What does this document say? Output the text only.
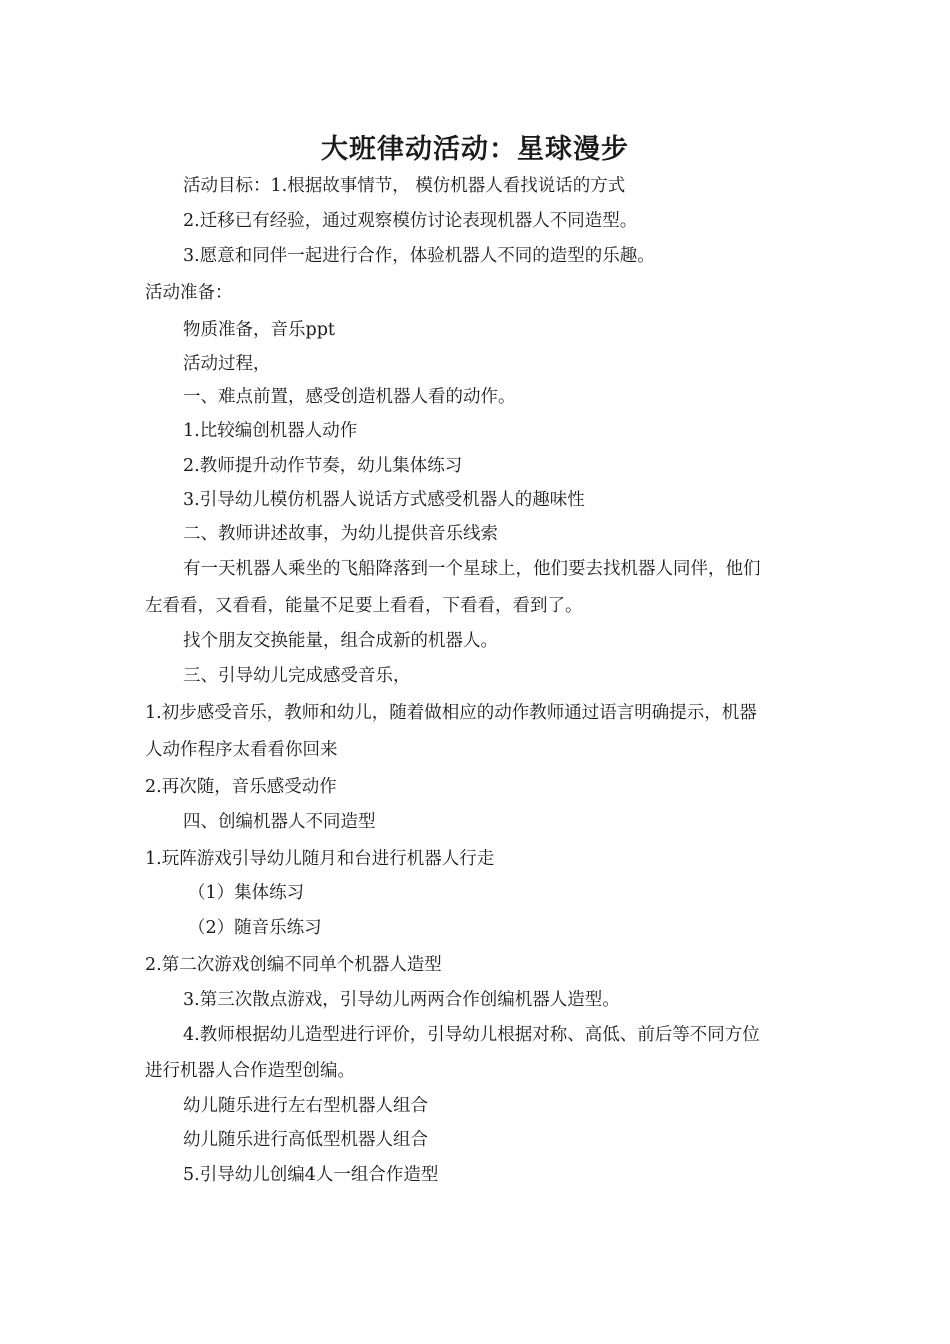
大班律动活动：星球漫步
活动目标：1.根据故事情节， 模仿机器人看找说话的方式
2.迁移已有经验，通过观察模仿讨论表现机器人不同造型。
3.愿意和同伴一起进行合作，体验机器人不同的造型的乐趣。
活动准备：
物质准备，音乐ppt
活动过程，
一、难点前置，感受创造机器人看的动作。
1.比较编创机器人动作
2.教师提升动作节奏，幼儿集体练习
3.引导幼儿模仿机器人说话方式感受机器人的趣味性
二、教师讲述故事，为幼儿提供音乐线索
有一天机器人乘坐的飞船降落到一个星球上，他们要去找机器人同伴，他们
左看看，又看看，能量不足要上看看，下看看，看到了。
找个朋友交换能量，组合成新的机器人。
三、引导幼儿完成感受音乐，
1.初步感受音乐，教师和幼儿，随着做相应的动作教师通过语言明确提示，机器
人动作程序太看看你回来
2.再次随，音乐感受动作
四、创编机器人不同造型
1.玩阵游戏引导幼儿随月和台进行机器人行走
（1）集体练习
（2）随音乐练习
2.第二次游戏创编不同单个机器人造型
3.第三次散点游戏，引导幼儿两两合作创编机器人造型。
4.教师根据幼儿造型进行评价，引导幼儿根据对称、高低、前后等不同方位
进行机器人合作造型创编。
幼儿随乐进行左右型机器人组合
幼儿随乐进行高低型机器人组合
5.引导幼儿创编4人一组合作造型
